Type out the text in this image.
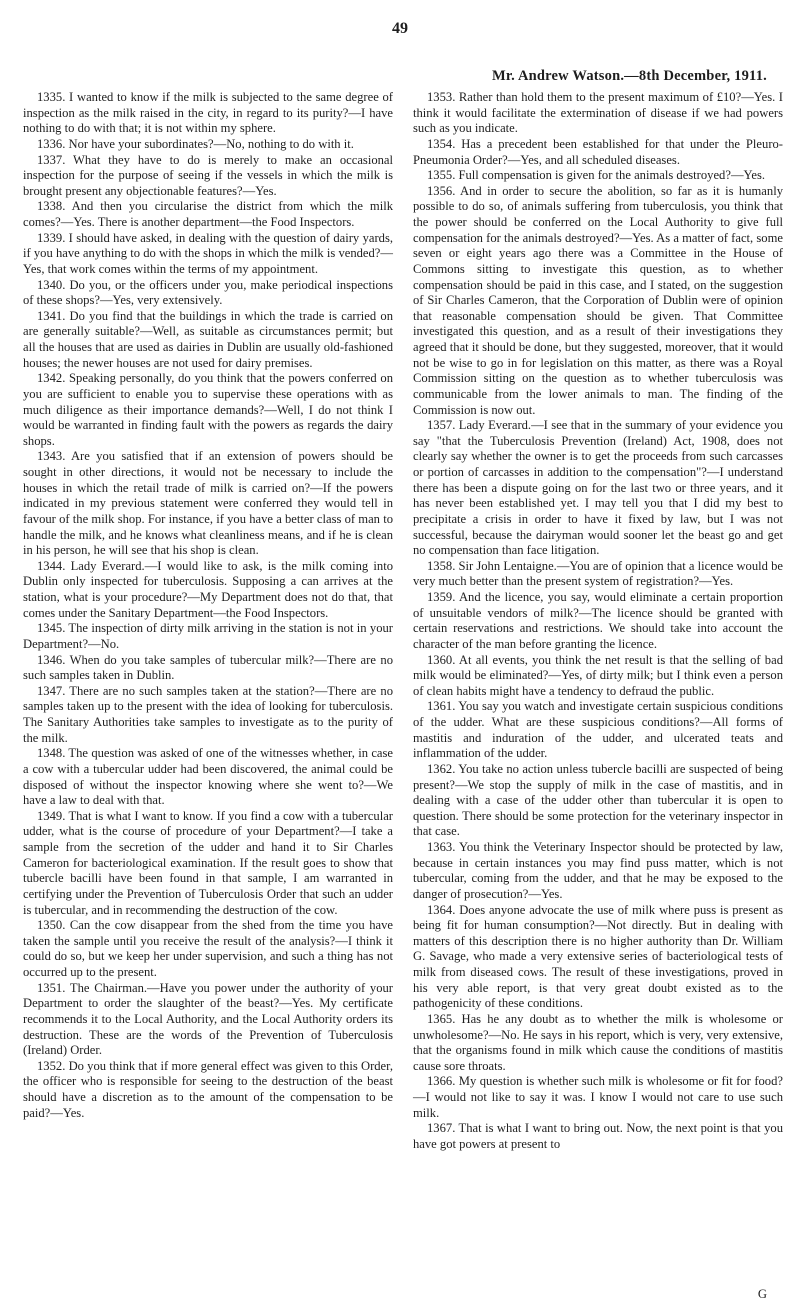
49
Mr. Andrew Watson.—8th December, 1911.

1335. I wanted to know if the milk is subjected to the same degree of inspection as the milk raised in the city, in regard to its purity?—I have nothing to do with that; it is not within my sphere.

1336. Nor have your subordinates?—No, nothing to do with it.

1337. What they have to do is merely to make an occasional inspection for the purpose of seeing if the vessels in which the milk is brought present any objectionable features?—Yes.

1338. And then you circularise the district from which the milk comes?—Yes. There is another department—the Food Inspectors.

1339. I should have asked, in dealing with the question of dairy yards, if you have anything to do with the shops in which the milk is vended?—Yes, that work comes within the terms of my appointment.

1340. Do you, or the officers under you, make periodical inspections of these shops?—Yes, very extensively.

1341. Do you find that the buildings in which the trade is carried on are generally suitable?—Well, as suitable as circumstances permit; but all the houses that are used as dairies in Dublin are usually old-fashioned houses; the newer houses are not used for dairy premises.

1342. Speaking personally, do you think that the powers conferred on you are sufficient to enable you to supervise these operations with as much diligence as their importance demands?—Well, I do not think I would be warranted in finding fault with the powers as regards the dairy shops.

1343. Are you satisfied that if an extension of powers should be sought in other directions, it would not be necessary to include the houses in which the retail trade of milk is carried on?—If the powers indicated in my previous statement were conferred they would tell in favour of the milk shop. For instance, if you have a better class of man to handle the milk, and he knows what cleanliness means, and if he is clean in his person, he will see that his shop is clean.

1344. Lady Everard.—I would like to ask, is the milk coming into Dublin only inspected for tuberculosis. Supposing a can arrives at the station, what is your procedure?—My Department does not do that, that comes under the Sanitary Department—the Food Inspectors.

1345. The inspection of dirty milk arriving in the station is not in your Department?—No.

1346. When do you take samples of tubercular milk?—There are no such samples taken in Dublin.

1347. There are no such samples taken at the station?—There are no samples taken up to the present with the idea of looking for tuberculosis. The Sanitary Authorities take samples to investigate as to the purity of the milk.

1348. The question was asked of one of the witnesses whether, in case a cow with a tubercular udder had been discovered, the animal could be disposed of without the inspector knowing where she went to?—We have a law to deal with that.

1349. That is what I want to know. If you find a cow with a tubercular udder, what is the course of procedure of your Department?—I take a sample from the secretion of the udder and hand it to Sir Charles Cameron for bacteriological examination. If the result goes to show that tubercle bacilli have been found in that sample, I am warranted in certifying under the Prevention of Tuberculosis Order that such an udder is tubercular, and in recommending the destruction of the cow.

1350. Can the cow disappear from the shed from the time you have taken the sample until you receive the result of the analysis?—I think it could do so, but we keep her under supervision, and such a thing has not occurred up to the present.

1351. The Chairman.—Have you power under the authority of your Department to order the slaughter of the beast?—Yes. My certificate recommends it to the Local Authority, and the Local Authority orders its destruction. These are the words of the Prevention of Tuberculosis (Ireland) Order.

1352. Do you think that if more general effect was given to this Order, the officer who is responsible for seeing to the destruction of the beast should have a discretion as to the amount of the compensation to be paid?—Yes.

1353. Rather than hold them to the present maximum of £10?—Yes. I think it would facilitate the extermination of disease if we had powers such as you indicate.

1354. Has a precedent been established for that under the Pleuro-Pneumonia Order?—Yes, and all scheduled diseases.

1355. Full compensation is given for the animals destroyed?—Yes.

1356. And in order to secure the abolition, so far as it is humanly possible to do so, of animals suffering from tuberculosis, you think that the power should be conferred on the Local Authority to give full compensation for the animals destroyed?—Yes. As a matter of fact, some seven or eight years ago there was a Committee in the House of Commons sitting to investigate this question, as to whether compensation should be paid in this case, and I stated, on the suggestion of Sir Charles Cameron, that the Corporation of Dublin were of opinion that reasonable compensation should be given. That Committee investigated this question, and as a result of their investigations they agreed that it should be done, but they suggested, moreover, that it would not be wise to go in for legislation on this matter, as there was a Royal Commission sitting on the question as to whether tuberculosis was communicable from the lower animals to man. The finding of the Commission is now out.

1357. Lady Everard.—I see that in the summary of your evidence you say "that the Tuberculosis Prevention (Ireland) Act, 1908, does not clearly say whether the owner is to get the proceeds from such carcasses or portion of carcasses in addition to the compensation"?—I understand there has been a dispute going on for the last two or three years, and it has never been established yet. I may tell you that I did my best to precipitate a crisis in order to have it fixed by law, but I was not successful, because the dairyman would sooner let the beast go and get no compensation than face litigation.

1358. Sir John Lentaigne.—You are of opinion that a licence would be very much better than the present system of registration?—Yes.

1359. And the licence, you say, would eliminate a certain proportion of unsuitable vendors of milk?—The licence should be granted with certain reservations and restrictions. We should take into account the character of the man before granting the licence.

1360. At all events, you think the net result is that the selling of bad milk would be eliminated?—Yes, of dirty milk; but I think even a person of clean habits might have a tendency to defraud the public.

1361. You say you watch and investigate certain suspicious conditions of the udder. What are these suspicious conditions?—All forms of mastitis and induration of the udder, and ulcerated teats and inflammation of the udder.

1362. You take no action unless tubercle bacilli are suspected of being present?—We stop the supply of milk in the case of mastitis, and in dealing with a case of the udder other than tubercular it is open to question. There should be some protection for the veterinary inspector in that case.

1363. You think the Veterinary Inspector should be protected by law, because in certain instances you may find puss matter, which is not tubercular, coming from the udder, and that he may be exposed to the danger of prosecution?—Yes.

1364. Does anyone advocate the use of milk where puss is present as being fit for human consumption?—Not directly. But in dealing with matters of this description there is no higher authority than Dr. William G. Savage, who made a very extensive series of bacteriological tests of milk from diseased cows. The result of these investigations, proved in his very able report, is that very great doubt existed as to the pathogenicity of these conditions.

1365. Has he any doubt as to whether the milk is wholesome or unwholesome?—No. He says in his report, which is very, very extensive, that the organisms found in milk which cause the conditions of mastitis cause sore throats.

1366. My question is whether such milk is wholesome or fit for food?—I would not like to say it was. I know I would not care to use such milk.

1367. That is what I want to bring out. Now, the next point is that you have got powers at present to

G
